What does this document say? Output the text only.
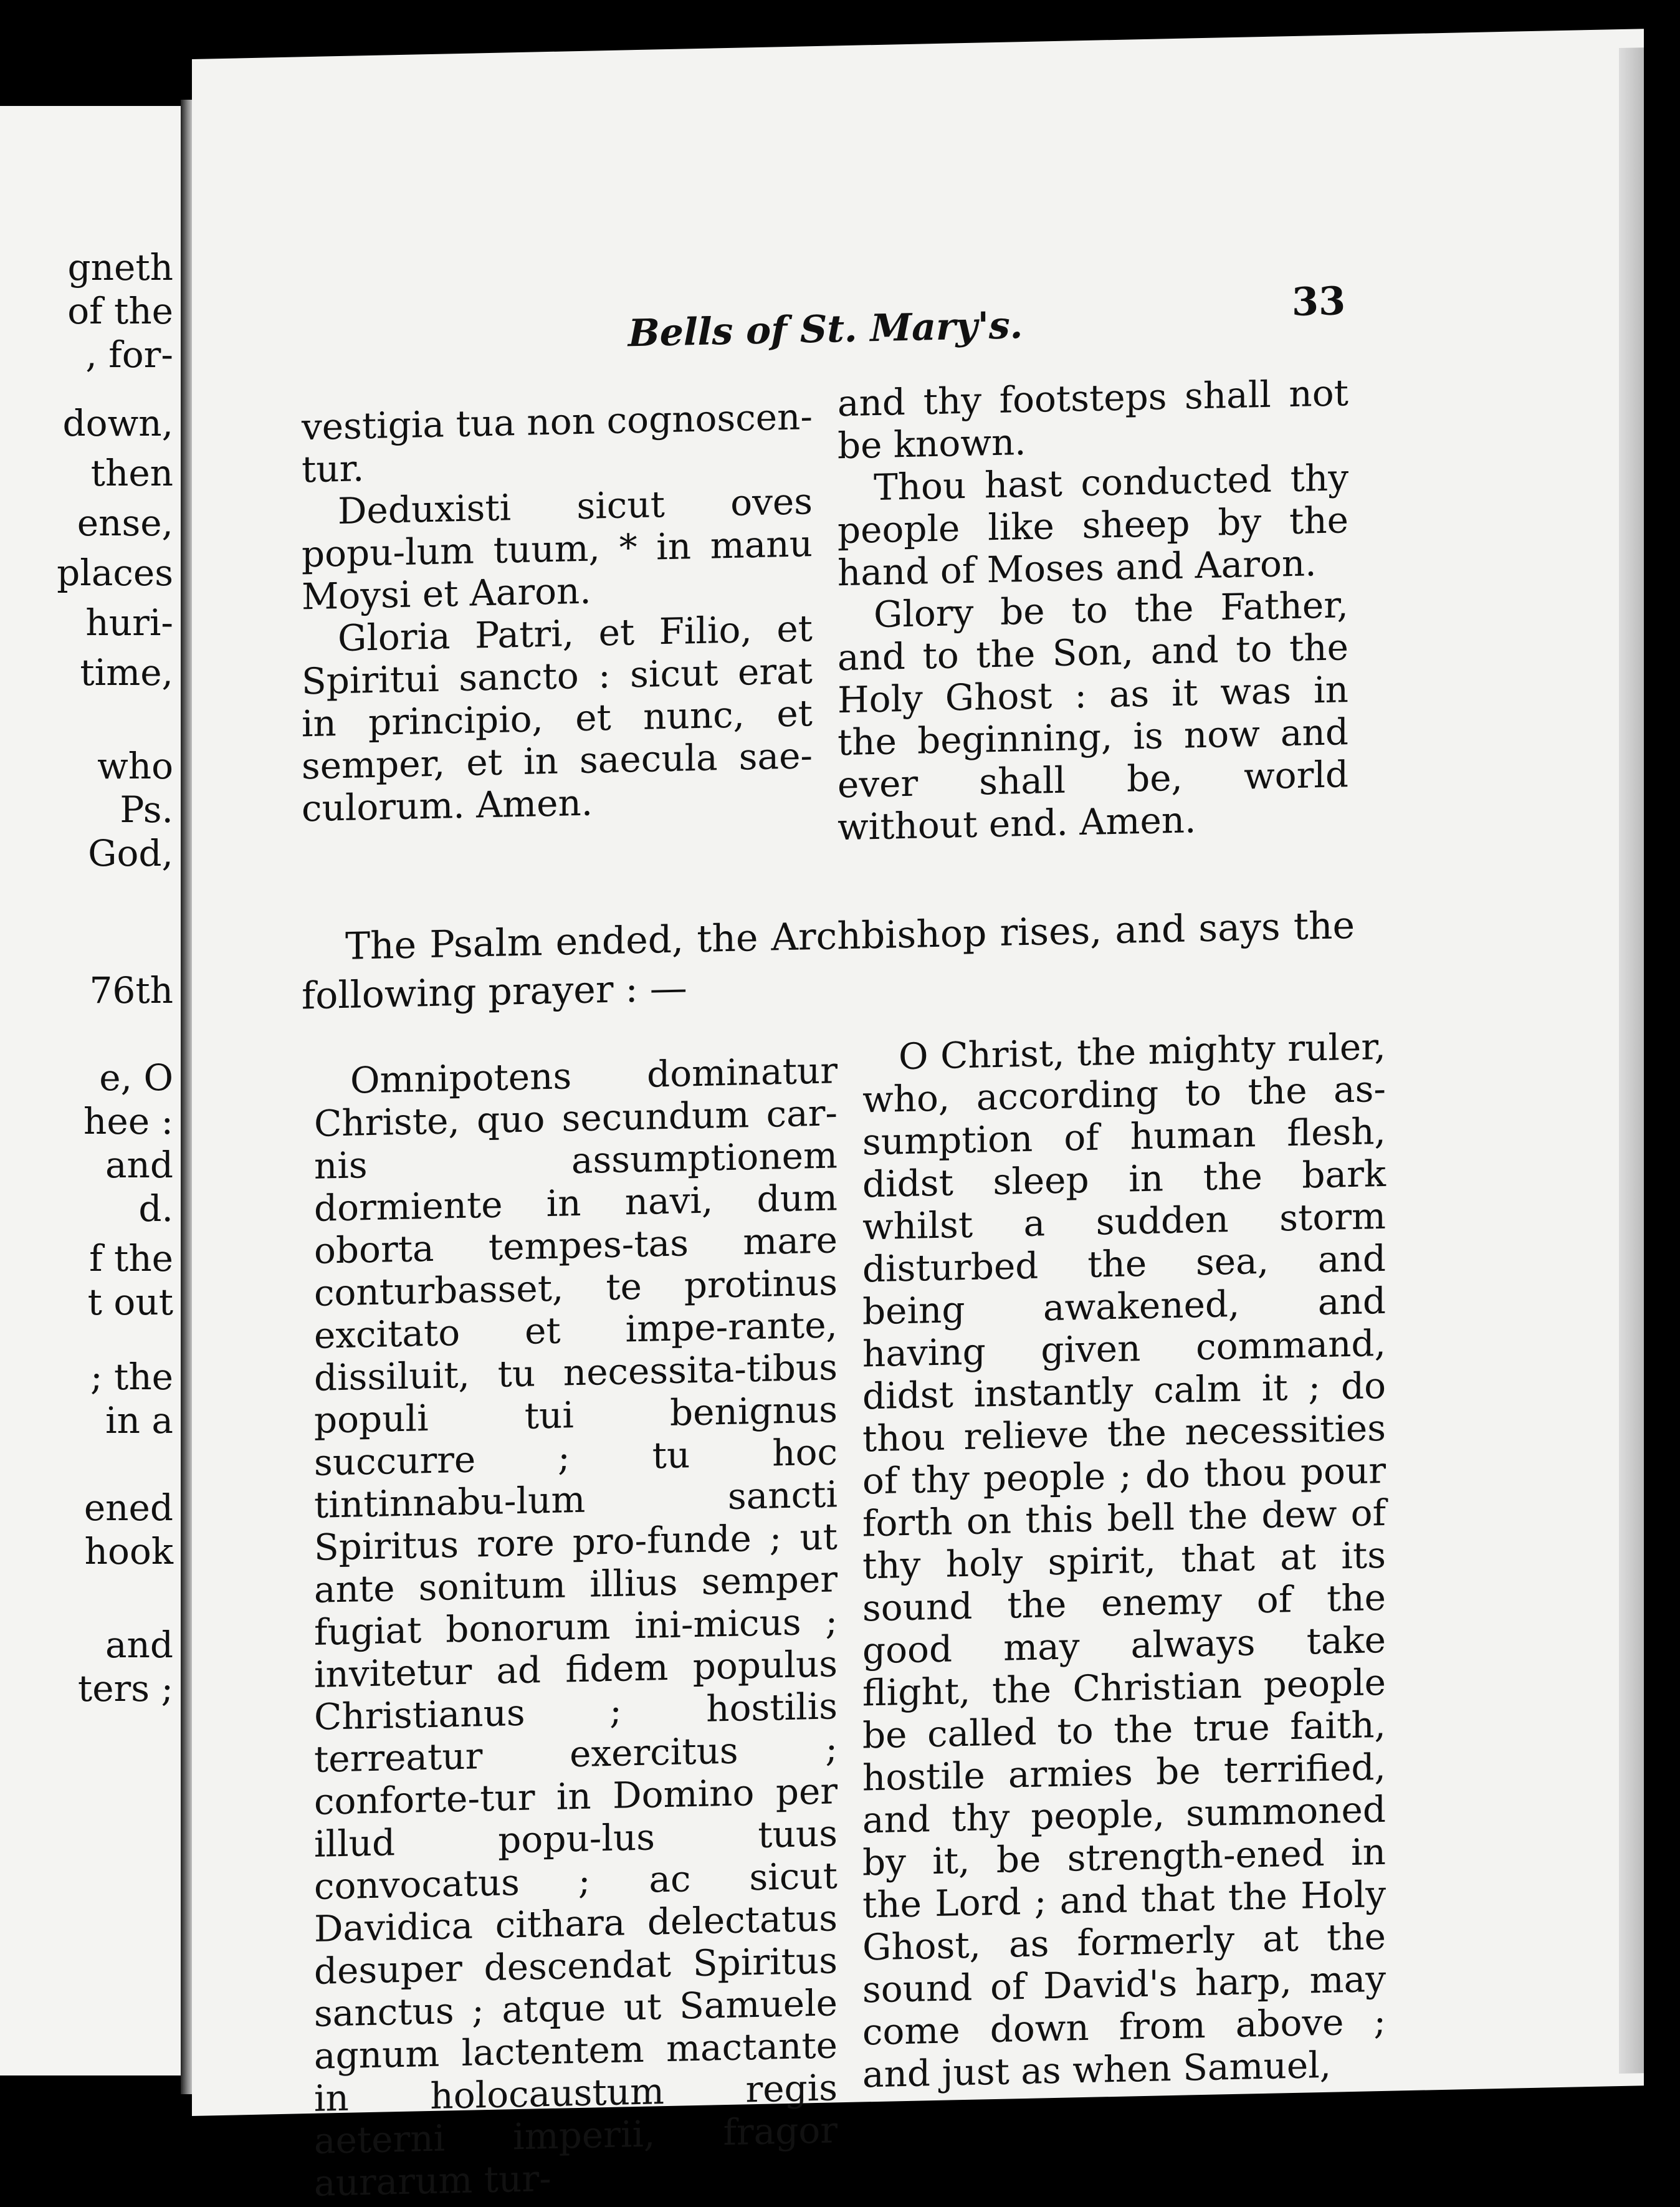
gneth
of the
, for-
down,
then
ense,
places
huri-
time,
who
Ps.
God,
76th
e, O
hee :
and
d.
f the
t out
; the
in a
ened
hook
and
ters ;
Bells of St. Mary's.
33

vestigia tua non cognoscen-tur.

Deduxisti sicut oves popu-lum tuum, * in manu Moysi et Aaron.

Gloria Patri, et Filio, et Spiritui sancto : sicut erat in principio, et nunc, et semper, et in saecula sae-culorum. Amen.

and thy footsteps shall not be known.

Thou hast conducted thy people like sheep by the hand of Moses and Aaron.

Glory be to the Father, and to the Son, and to the Holy Ghost : as it was in the beginning, is now and ever shall be, world without end. Amen.

The Psalm ended, the Archbishop rises, and says the following prayer : —

Omnipotens dominatur Christe, quo secundum car-nis assumptionem dormiente in navi, dum oborta tempes-tas mare conturbasset, te protinus excitato et impe-rante, dissiluit, tu necessita-tibus populi tui benignus succurre ; tu hoc tintinnabu-lum sancti Spiritus rore pro-funde ; ut ante sonitum illius semper fugiat bonorum ini-micus ; invitetur ad fidem populus Christianus ; hostilis terreatur exercitus ; conforte-tur in Domino per illud popu-lus tuus convocatus ; ac sicut Davidica cithara delectatus desuper descendat Spiritus sanctus ; atque ut Samuele agnum lactentem mactante in holocaustum regis aeterni imperii, fragor aurarum tur-

O Christ, the mighty ruler, who, according to the as-sumption of human flesh, didst sleep in the bark whilst a sudden storm disturbed the sea, and being awakened, and having given command, didst instantly calm it ; do thou relieve the necessities of thy people ; do thou pour forth on this bell the dew of thy holy spirit, that at its sound the enemy of the good may always take flight, the Christian people be called to the true faith, hostile armies be terrified, and thy people, summoned by it, be strength-ened in the Lord ; and that the Holy Ghost, as formerly at the sound of David's harp, may come down from above ; and just as when Samuel,
